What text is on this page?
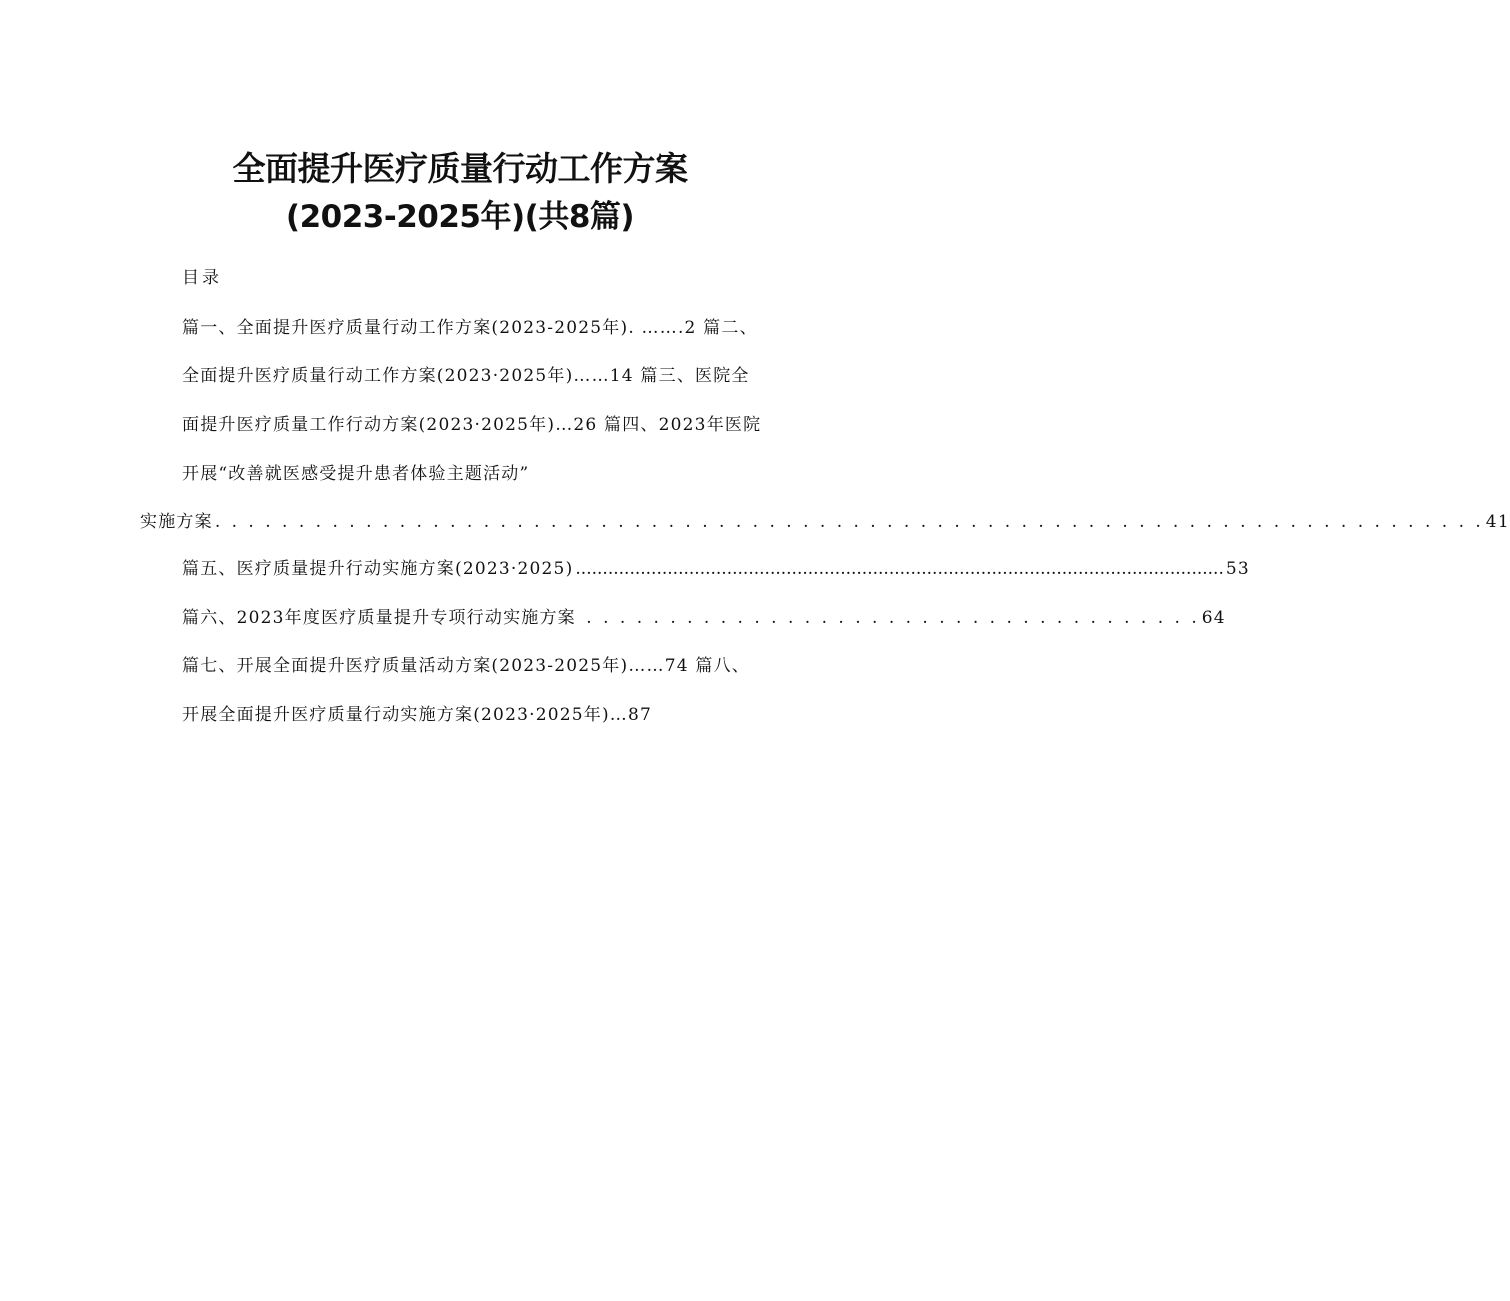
全面提升医疗质量行动工作方案
(2023-2025年)(共8篇)
目录
篇一、全面提升医疗质量行动工作方案(2023-2025年). …….2 篇二、
全面提升医疗质量行动工作方案(2023·2025年)……14 篇三、医院全
面提升医疗质量工作行动方案(2023·2025年)…26 篇四、2023年医院
开展“改善就医感受提升患者体验主题活动”
实施方案 . . . . . . . . . . . . . . . . . . . . . . . . . . . . . . . . . . . . . . . . . . . . . . . . . . . . . . . . . . . . . . . . . . . . . . . . . . . . 41
篇五、医疗质量提升行动实施方案(2023·2025) ........................................................................................................................ 53
篇六、2023年度医疗质量提升专项行动实施方案 . . . . . . . . . . . . . . . . . . . . . . . . . . . . . . . . . . . . . 64
篇七、开展全面提升医疗质量活动方案(2023-2025年)……74 篇八、
开展全面提升医疗质量行动实施方案(2023·2025年)…87
